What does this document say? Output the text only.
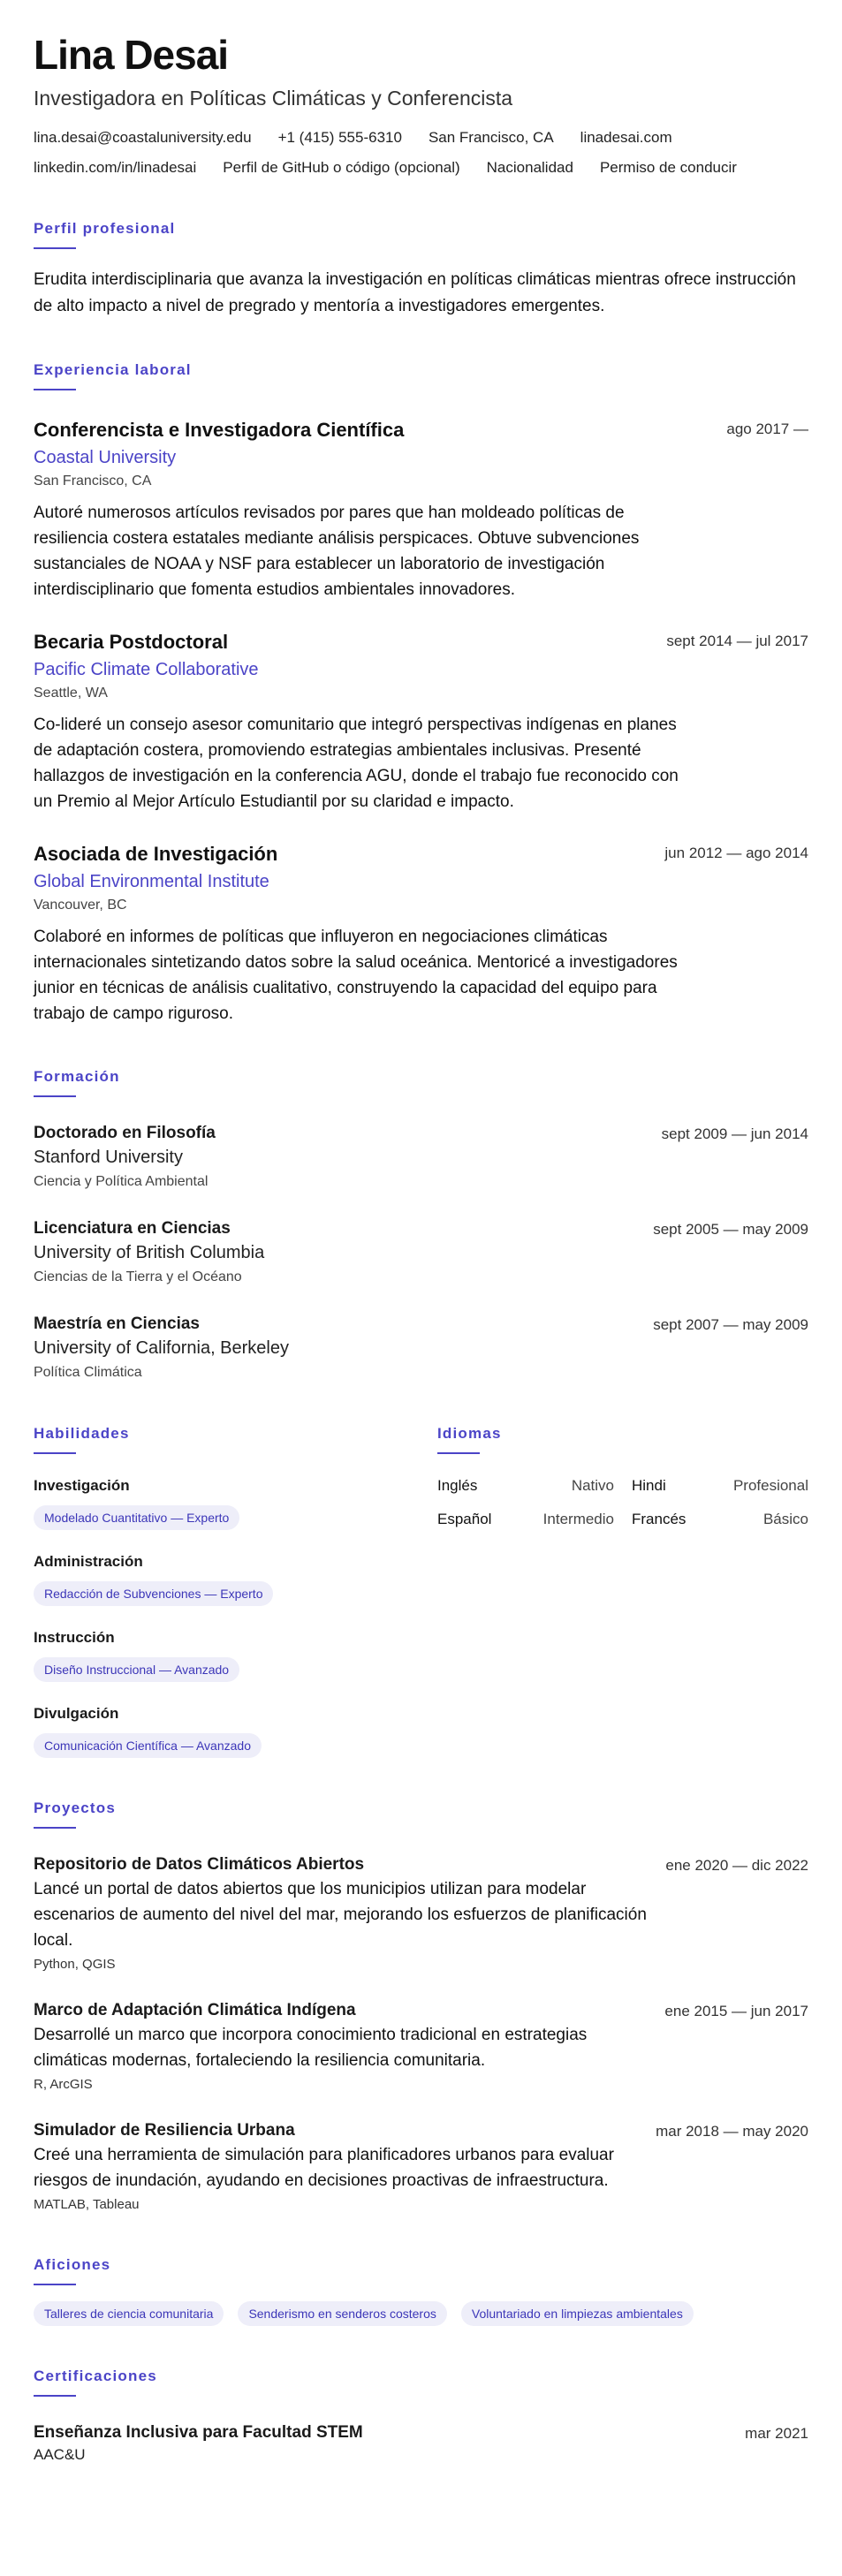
Lina Desai
Investigadora en Políticas Climáticas y Conferencista
lina.desai@coastaluniversity.edu +1 (415) 555-6310 San Francisco, CA linadesai.com
linkedin.com/in/linadesai Perfil de GitHub o código (opcional) Nacionalidad Permiso de conducir
Perfil profesional
Erudita interdisciplinaria que avanza la investigación en políticas climáticas mientras ofrece instrucción de alto impacto a nivel de pregrado y mentoría a investigadores emergentes.
Experiencia laboral
Conferencista e Investigadora Científica	ago 2017 —
Coastal University
San Francisco, CA
Autoré numerosos artículos revisados por pares que han moldeado políticas de resiliencia costera estatales mediante análisis perspicaces. Obtuve subvenciones sustanciales de NOAA y NSF para establecer un laboratorio de investigación interdisciplinario que fomenta estudios ambientales innovadores.
Becaria Postdoctoral	sept 2014 — jul 2017
Pacific Climate Collaborative
Seattle, WA
Co-lideré un consejo asesor comunitario que integró perspectivas indígenas en planes de adaptación costera, promoviendo estrategias ambientales inclusivas. Presenté hallazgos de investigación en la conferencia AGU, donde el trabajo fue reconocido con un Premio al Mejor Artículo Estudiantil por su claridad e impacto.
Asociada de Investigación	jun 2012 — ago 2014
Global Environmental Institute
Vancouver, BC
Colaboré en informes de políticas que influyeron en negociaciones climáticas internacionales sintetizando datos sobre la salud oceánica. Mentoricé a investigadores junior en técnicas de análisis cualitativo, construyendo la capacidad del equipo para trabajo de campo riguroso.
Formación
Doctorado en Filosofía	sept 2009 — jun 2014
Stanford University
Ciencia y Política Ambiental
Licenciatura en Ciencias	sept 2005 — may 2009
University of British Columbia
Ciencias de la Tierra y el Océano
Maestría en Ciencias	sept 2007 — may 2009
University of California, Berkeley
Política Climática
Habilidades
Investigación
Modelado Cuantitativo — Experto
Administración
Redacción de Subvenciones — Experto
Instrucción
Diseño Instruccional — Avanzado
Divulgación
Comunicación Científica — Avanzado
Idiomas
Inglés	Nativo Hindi	Profesional
Español	Intermedio Francés	Básico
Proyectos
Repositorio de Datos Climáticos Abiertos	ene 2020 — dic 2022
Lancé un portal de datos abiertos que los municipios utilizan para modelar escenarios de aumento del nivel del mar, mejorando los esfuerzos de planificación local.
Python, QGIS
Marco de Adaptación Climática Indígena	ene 2015 — jun 2017
Desarrollé un marco que incorpora conocimiento tradicional en estrategias climáticas modernas, fortaleciendo la resiliencia comunitaria.
R, ArcGIS
Simulador de Resiliencia Urbana	mar 2018 — may 2020
Creé una herramienta de simulación para planificadores urbanos para evaluar riesgos de inundación, ayudando en decisiones proactivas de infraestructura.
MATLAB, Tableau
Aficiones
Talleres de ciencia comunitaria	Senderismo en senderos costeros	Voluntariado en limpiezas ambientales
Certificaciones
Enseñanza Inclusiva para Facultad STEM	mar 2021
AAC&U
